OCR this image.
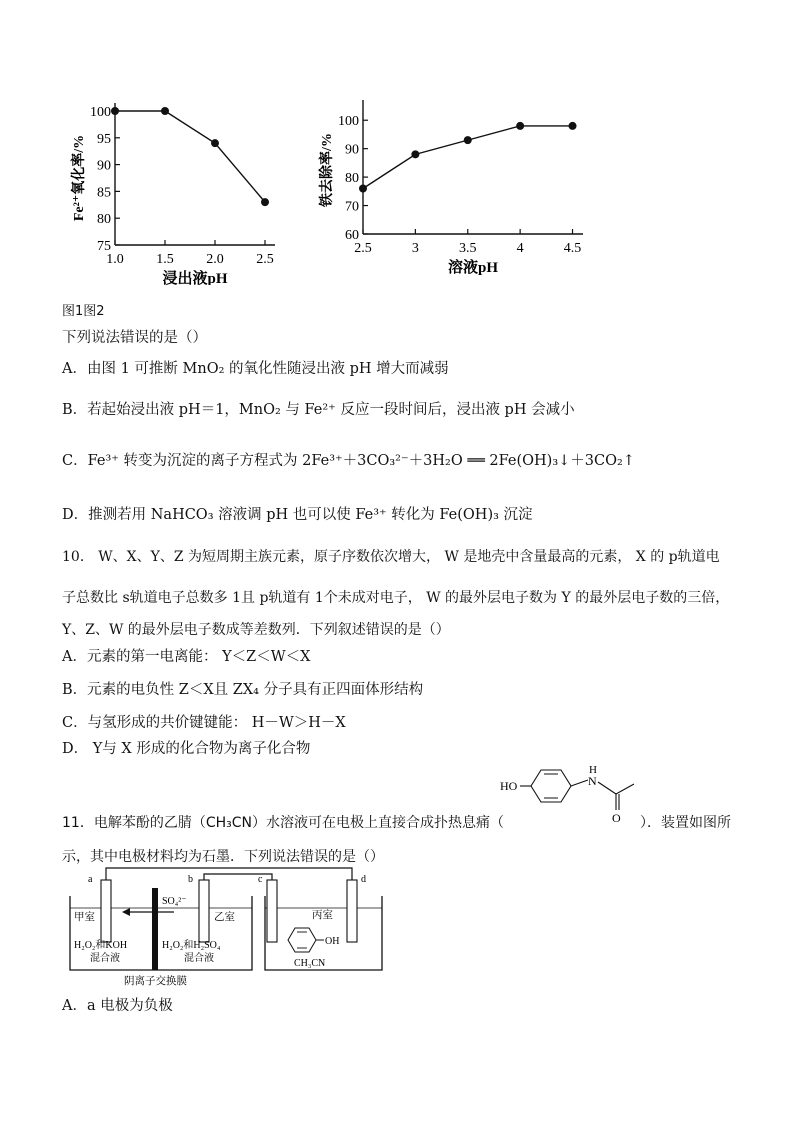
75
80
85
90
95
100
1.0 1.5 2.0 2.5
浸出液pH
Fe²⁺氧化率/%
60
70
80
90
100
2.5	3	3.5	4	4.5
溶液pH
铁去除率/%
图1图2
下列说法错误的是（）
A．由图 1 可推断 MnO₂ 的氧化性随浸出液 pH 增大而减弱
B．若起始浸出液 pH＝1，MnO₂ 与 Fe²⁺ 反应一段时间后，浸出液 pH 会减小
C．Fe³⁺ 转变为沉淀的离子方程式为 2Fe³⁺＋3CO₃²⁻＋3H₂O ══ 2Fe(OH)₃↓＋3CO₂↑
D．推测若用 NaHCO₃ 溶液调 pH 也可以使 Fe³⁺ 转化为 Fe(OH)₃ 沉淀
10． W、X、Y、Z 为短周期主族元素，原子序数依次增大， W 是地壳中含量最高的元素， X 的 p轨道电
子总数比 s轨道电子总数多 1且 p轨道有 1个未成对电子， W 的最外层电子数为 Y 的最外层电子数的三倍，
Y、Z、W 的最外层电子数成等差数列．下列叙述错误的是（）
A．元素的第一电离能： Y＜Z＜W＜X
B．元素的电负性 Z＜X且 ZX₄ 分子具有正四面体形结构
C．与氢形成的共价键键能： H－W＞H－X
D． Y与 X 形成的化合物为离子化合物
HO
H
N
O
11．电解苯酚的乙腈（CH₃CN）水溶液可在电极上直接合成扑热息痛（	）．装置如图所
示，其中电极材料均为石墨．下列说法错误的是（）
a	b	c	d
甲室	乙室	丙室
SO₄²⁻
H₂O₂和KOH
混合液
H₂O₂和H₂SO₄
混合液
OH
CH₃CN
阴离子交换膜
A．a 电极为负极
